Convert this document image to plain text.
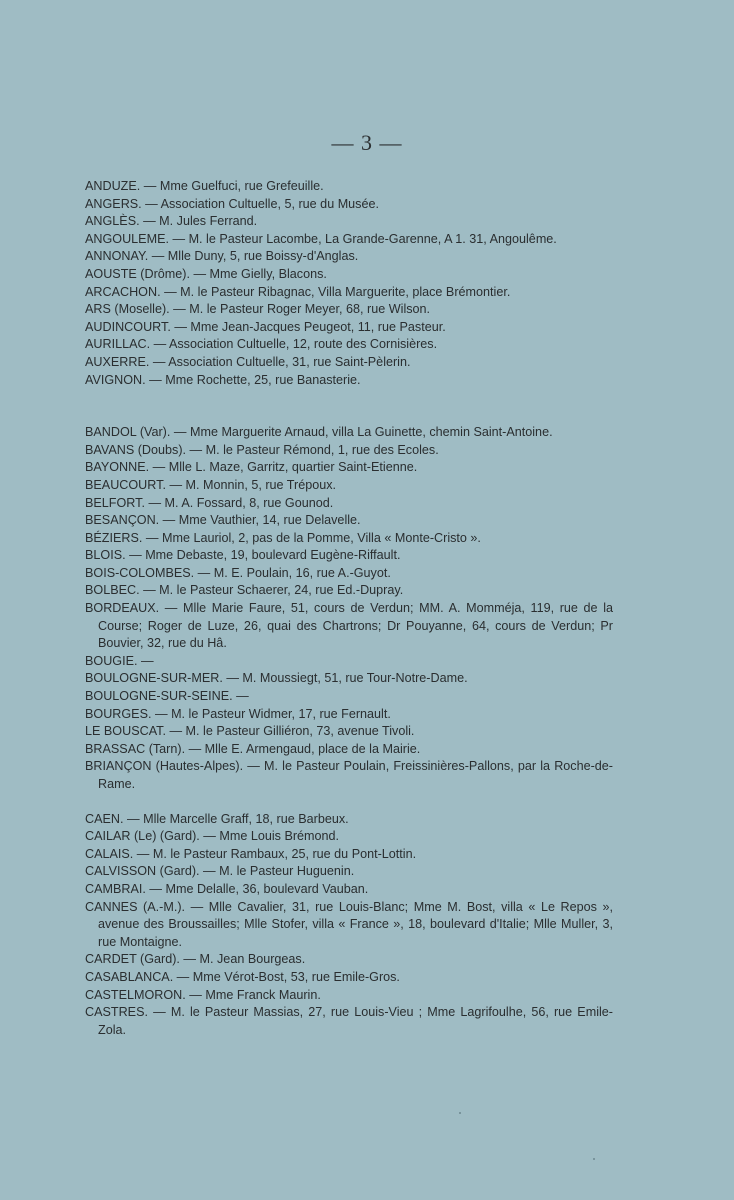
— 3 —
ANDUZE. — Mme Guelfuci, rue Grefeuille.
ANGERS. — Association Cultuelle, 5, rue du Musée.
ANGLÈS. — M. Jules Ferrand.
ANGOULEME. — M. le Pasteur Lacombe, La Grande-Garenne, A 1. 31, Angoulême.
ANNONAY. — Mlle Duny, 5, rue Boissy-d'Anglas.
AOUSTE (Drôme). — Mme Gielly, Blacons.
ARCACHON. — M. le Pasteur Ribagnac, Villa Marguerite, place Brémontier.
ARS (Moselle). — M. le Pasteur Roger Meyer, 68, rue Wilson.
AUDINCOURT. — Mme Jean-Jacques Peugeot, 11, rue Pasteur.
AURILLAC. — Association Cultuelle, 12, route des Cornisières.
AUXERRE. — Association Cultuelle, 31, rue Saint-Pèlerin.
AVIGNON. — Mme Rochette, 25, rue Banasterie.
BANDOL (Var). — Mme Marguerite Arnaud, villa La Guinette, chemin Saint-Antoine.
BAVANS (Doubs). — M. le Pasteur Rémond, 1, rue des Ecoles.
BAYONNE. — Mlle L. Maze, Garritz, quartier Saint-Etienne.
BEAUCOURT. — M. Monnin, 5, rue Trépoux.
BELFORT. — M. A. Fossard, 8, rue Gounod.
BESANÇON. — Mme Vauthier, 14, rue Delavelle.
BÉZIERS. — Mme Lauriol, 2, pas de la Pomme, Villa « Monte-Cristo ».
BLOIS. — Mme Debaste, 19, boulevard Eugène-Riffault.
BOIS-COLOMBES. — M. E. Poulain, 16, rue A.-Guyot.
BOLBEC. — M. le Pasteur Schaerer, 24, rue Ed.-Dupray.
BORDEAUX. — Mlle Marie Faure, 51, cours de Verdun; MM. A. Momméja, 119, rue de la Course; Roger de Luze, 26, quai des Chartrons; Dr Pouyanne, 64, cours de Verdun; Pr Bouvier, 32, rue du Hâ.
BOUGIE. —
BOULOGNE-SUR-MER. — M. Moussiegt, 51, rue Tour-Notre-Dame.
BOULOGNE-SUR-SEINE. —
BOURGES. — M. le Pasteur Widmer, 17, rue Fernault.
LE BOUSCAT. — M. le Pasteur Gilliéron, 73, avenue Tivoli.
BRASSAC (Tarn). — Mlle E. Armengaud, place de la Mairie.
BRIANÇON (Hautes-Alpes). — M. le Pasteur Poulain, Freissinières-Pallons, par la Roche-de-Rame.
CAEN. — Mlle Marcelle Graff, 18, rue Barbeux.
CAILAR (Le) (Gard). — Mme Louis Brémond.
CALAIS. — M. le Pasteur Rambaux, 25, rue du Pont-Lottin.
CALVISSON (Gard). — M. le Pasteur Huguenin.
CAMBRAI. — Mme Delalle, 36, boulevard Vauban.
CANNES (A.-M.). — Mlle Cavalier, 31, rue Louis-Blanc; Mme M. Bost, villa « Le Repos », avenue des Broussailles; Mlle Stofer, villa « France », 18, boulevard d'Italie; Mlle Muller, 3, rue Montaigne.
CARDET (Gard). — M. Jean Bourgeas.
CASABLANCA. — Mme Vérot-Bost, 53, rue Emile-Gros.
CASTELMORON. — Mme Franck Maurin.
CASTRES. — M. le Pasteur Massias, 27, rue Louis-Vieu ; Mme Lagrifoulhe, 56, rue Emile-Zola.
